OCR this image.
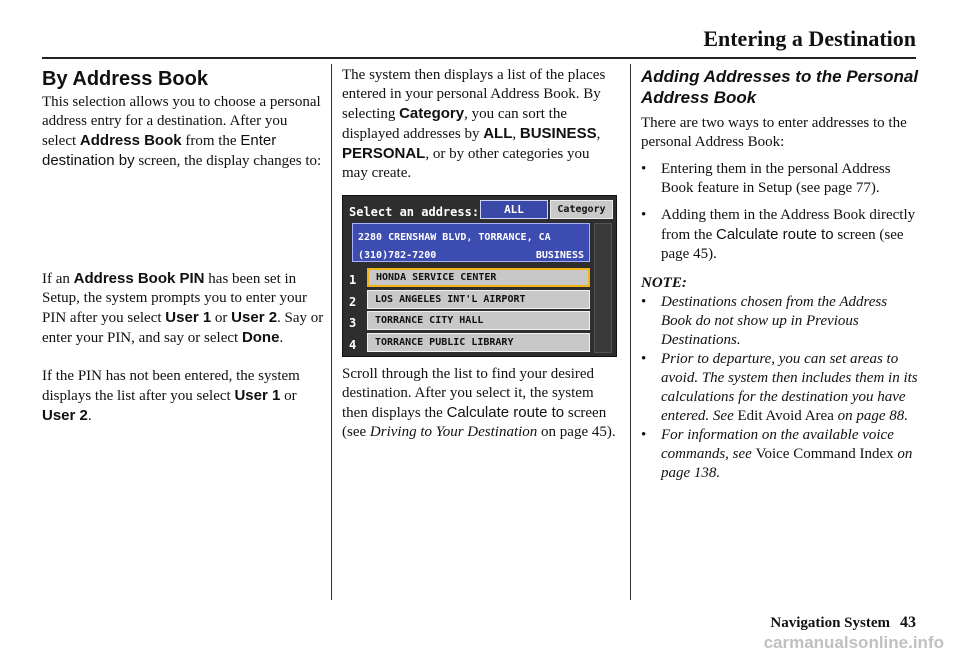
Entering a Destination
By Address Book

This selection allows you to choose a personal address entry for a destination. After you select Address Book from the Enter destination by screen, the display changes to:

If an Address Book PIN has been set in Setup, the system prompts you to enter your PIN after you select User 1 or User 2. Say or enter your PIN, and say or select Done.

If the PIN has not been entered, the system displays the list after you select User 1 or User 2.

The system then displays a list of the places entered in your personal Address Book. By selecting Category, you can sort the displayed addresses by ALL, BUSINESS, PERSONAL, or by other categories you may create.

Select an address:	ALL	Category
2280 CRENSHAW BLVD, TORRANCE, CA
(310)782-7200	BUSINESS
1	HONDA SERVICE CENTER
2	LOS ANGELES INT'L AIRPORT
3	TORRANCE CITY HALL
4	TORRANCE PUBLIC LIBRARY

Scroll through the list to find your desired destination. After you select it, the system then displays the Calculate route to screen (see Driving to Your Destination on page 45).

Adding Addresses to the Personal Address Book

There are two ways to enter addresses to the personal Address Book:

• Entering them in the personal Address Book feature in Setup (see page 77).
• Adding them in the Address Book directly from the Calculate route to screen (see page 45).
NOTE:
• Destinations chosen from the Address Book do not show up in Previous Destinations.
• Prior to departure, you can set areas to avoid. The system then includes them in its calculations for the destination you have entered. See Edit Avoid Area on page 88.
• For information on the available voice commands, see Voice Command Index on page 138.
Navigation System 43
carmanualsonline.info
